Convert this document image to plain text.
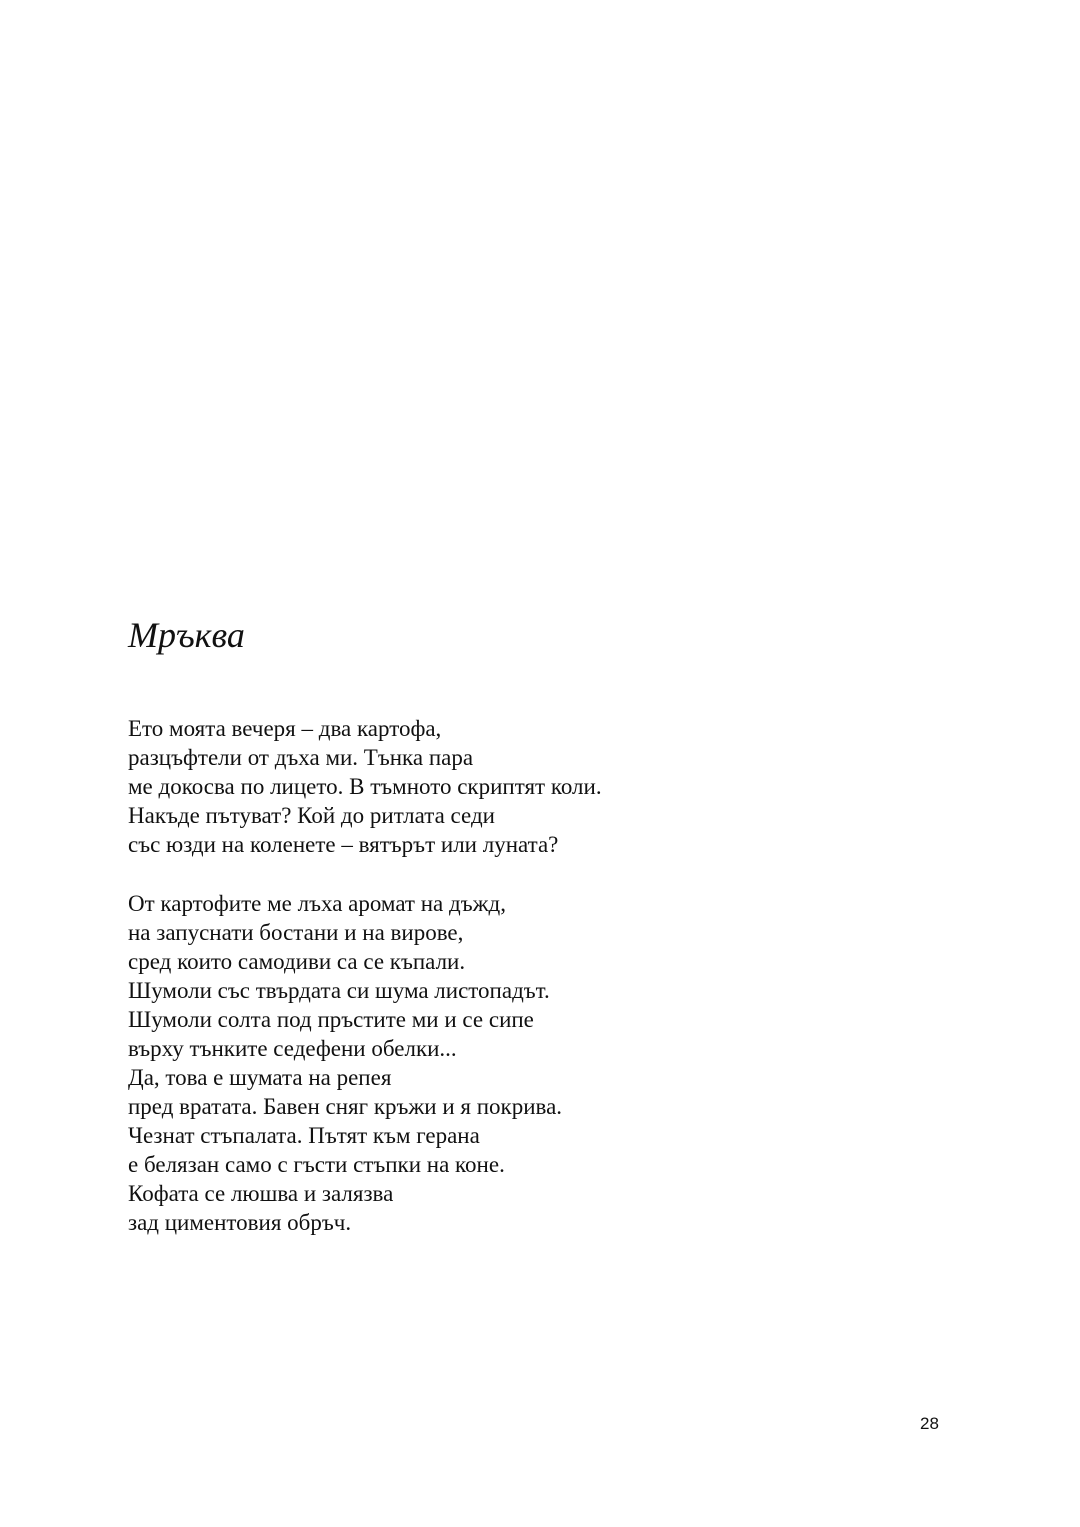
Мръква
Ето моята вечеря – два картофа,
разцъфтели от дъха ми. Тънка пара
ме докосва по лицето. В тъмното скриптят коли.
Накъде пътуват? Кой до ритлата седи
със юзди на коленете – вятърът или луната?
От картофите ме лъха аромат на дъжд,
на запуснати бостани и на вирове,
сред които самодиви са се къпали.
Шумоли със твърдата си шума листопадът.
Шумоли солта под пръстите ми и се сипе
върху тънките седефени обелки...
Да, това е шумата на репея
пред вратата. Бавен сняг кръжи и я покрива.
Чезнат стъпалата. Пътят към герана
е белязан само с гъсти стъпки на коне.
Кофата се люшва и залязва
зад циментовия обръч.
28
